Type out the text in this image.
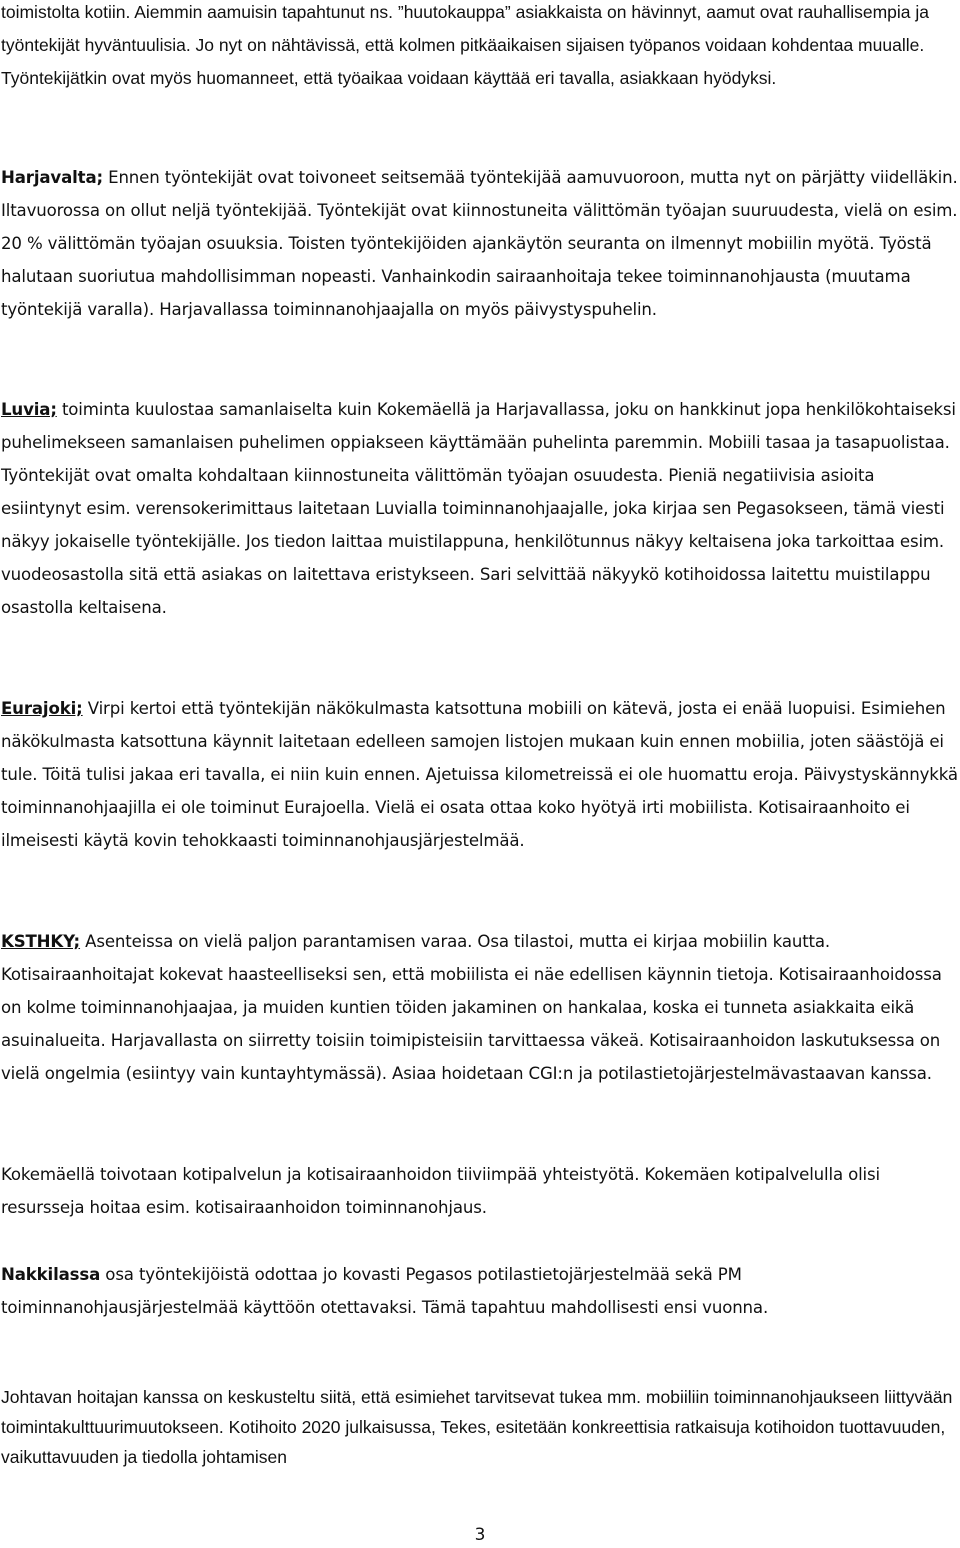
toimistolta kotiin. Aiemmin aamuisin tapahtunut ns. ”huutokauppa” asiakkaista on hävinnyt, aamut ovat rauhallisempia ja työntekijät hyväntuulisia. Jo nyt on nähtävissä, että kolmen pitkäaikaisen sijaisen työpanos voidaan kohdentaa muualle. Työntekijätkin ovat myös huomanneet, että työaikaa voidaan käyttää eri tavalla, asiakkaan hyödyksi.

Harjavalta; Ennen työntekijät ovat toivoneet seitsemää työntekijää aamuvuoroon, mutta nyt on pärjätty viidelläkin. Iltavuorossa on ollut neljä työntekijää. Työntekijät ovat kiinnostuneita välittömän työajan suuruudesta, vielä on esim. 20 % välittömän työajan osuuksia. Toisten työntekijöiden ajankäytön seuranta on ilmennyt mobiilin myötä. Työstä halutaan suoriutua mahdollisimman nopeasti. Vanhainkodin sairaanhoitaja tekee toiminnanohjausta (muutama työntekijä varalla). Harjavallassa toiminnanohjaajalla on myös päivystyspuhelin.

Luvia; toiminta kuulostaa samanlaiselta kuin Kokemäellä ja Harjavallassa, joku on hankkinut jopa henkilökohtaiseksi puhelimekseen samanlaisen puhelimen oppiakseen käyttämään puhelinta paremmin. Mobiili tasaa ja tasapuolistaa. Työntekijät ovat omalta kohdaltaan kiinnostuneita välittömän työajan osuudesta. Pieniä negatiivisia asioita esiintynyt esim. verensokerimittaus laitetaan Luvialla toiminnanohjaajalle, joka kirjaa sen Pegasokseen, tämä viesti näkyy jokaiselle työntekijälle. Jos tiedon laittaa muistilappuna, henkilötunnus näkyy keltaisena joka tarkoittaa esim. vuodeosastolla sitä että asiakas on laitettava eristykseen. Sari selvittää näkyykö kotihoidossa laitettu muistilappu osastolla keltaisena.

Eurajoki; Virpi kertoi että työntekijän näkökulmasta katsottuna mobiili on kätevä, josta ei enää luopuisi. Esimiehen näkökulmasta katsottuna käynnit laitetaan edelleen samojen listojen mukaan kuin ennen mobiilia, joten säästöjä ei tule. Töitä tulisi jakaa eri tavalla, ei niin kuin ennen. Ajetuissa kilometreissä ei ole huomattu eroja. Päivystyskännykkä toiminnanohjaajilla ei ole toiminut Eurajoella. Vielä ei osata ottaa koko hyötyä irti mobiilista. Kotisairaanhoito ei ilmeisesti käytä kovin tehokkaasti toiminnanohjausjärjestelmää.

KSTHKY; Asenteissa on vielä paljon parantamisen varaa. Osa tilastoi, mutta ei kirjaa mobiilin kautta. Kotisairaanhoitajat kokevat haasteelliseksi sen, että mobiilista ei näe edellisen käynnin tietoja. Kotisairaanhoidossa on kolme toiminnanohjaajaa, ja muiden kuntien töiden jakaminen on hankalaa, koska ei tunneta asiakkaita eikä asuinalueita. Harjavallasta on siirretty toisiin toimipisteisiin tarvittaessa väkeä. Kotisairaanhoidon laskutuksessa on vielä ongelmia (esiintyy vain kuntayhtymässä). Asiaa hoidetaan CGI:n ja potilastietojärjestelmävastaavan kanssa.

Kokemäellä toivotaan kotipalvelun ja kotisairaanhoidon tiiviimpää yhteistyötä. Kokemäen kotipalvelulla olisi resursseja hoitaa esim. kotisairaanhoidon toiminnanohjaus.

Nakkilassa osa työntekijöistä odottaa jo kovasti Pegasos potilastietojärjestelmää sekä PM toiminnanohjausjärjestelmää käyttöön otettavaksi. Tämä tapahtuu mahdollisesti ensi vuonna.

Johtavan hoitajan kanssa on keskusteltu siitä, että esimiehet tarvitsevat tukea mm. mobiiliin toiminnanohjaukseen liittyvään toimintakulttuurimuutokseen. Kotihoito 2020 julkaisussa, Tekes, esitetään konkreettisia ratkaisuja kotihoidon tuottavuuden, vaikuttavuuden ja tiedolla johtamisen

3
